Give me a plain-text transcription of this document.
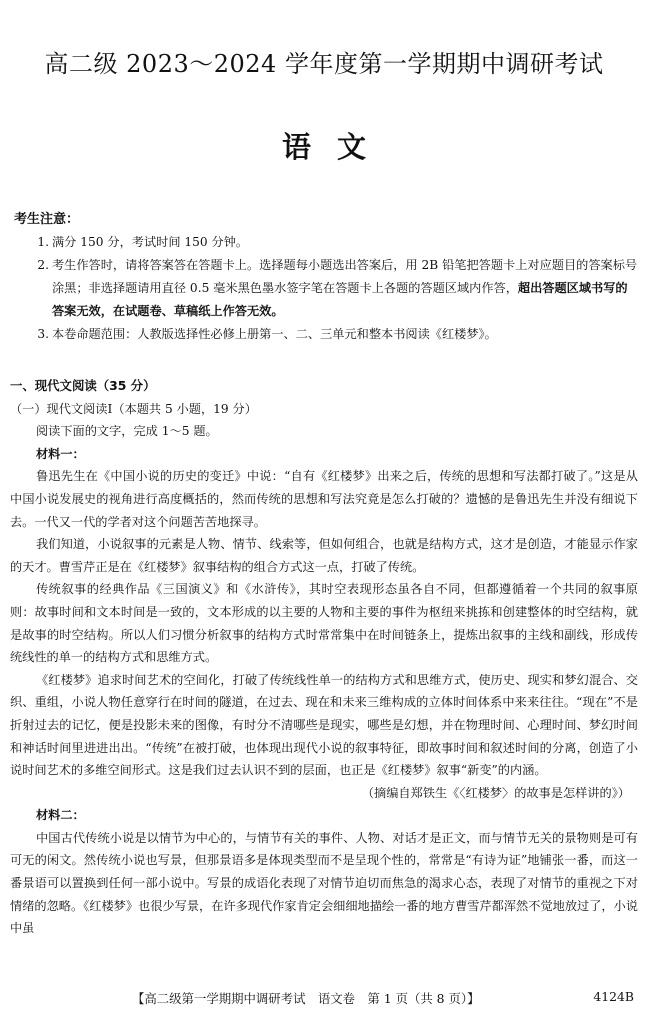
高二级 2023～2024 学年度第一学期期中调研考试
语文
考生注意：
1. 满分 150 分，考试时间 150 分钟。
2. 考生作答时，请将答案答在答题卡上。选择题每小题选出答案后，用 2B 铅笔把答题卡上对应题目的答案标号涂黑；非选择题请用直径 0.5 毫米黑色墨水签字笔在答题卡上各题的答题区域内作答，超出答题区域书写的答案无效，在试题卷、草稿纸上作答无效。
3. 本卷命题范围：人教版选择性必修上册第一、二、三单元和整本书阅读《红楼梦》。
一、现代文阅读（35 分）
（一）现代文阅读Ⅰ（本题共 5 小题，19 分）
阅读下面的文字，完成 1～5 题。
材料一：
鲁迅先生在《中国小说的历史的变迁》中说：“自有《红楼梦》出来之后，传统的思想和写法都打破了。”这是从中国小说发展史的视角进行高度概括的，然而传统的思想和写法究竟是怎么打破的？遗憾的是鲁迅先生并没有细说下去。一代又一代的学者对这个问题苦苦地探寻。
我们知道，小说叙事的元素是人物、情节、线索等，但如何组合，也就是结构方式，这才是创造，才能显示作家的天才。曹雪芹正是在《红楼梦》叙事结构的组合方式这一点，打破了传统。
传统叙事的经典作品《三国演义》和《水浒传》，其时空表现形态虽各自不同，但都遵循着一个共同的叙事原则：故事时间和文本时间是一致的，文本形成的以主要的人物和主要的事件为枢纽来挑拣和创建整体的时空结构，就是故事的时空结构。所以人们习惯分析叙事的结构方式时常常集中在时间链条上，提炼出叙事的主线和副线，形成传统线性的单一的结构方式和思维方式。
《红楼梦》追求时间艺术的空间化，打破了传统线性单一的结构方式和思维方式，使历史、现实和梦幻混合、交织、重组，小说人物任意穿行在时间的隧道，在过去、现在和未来三维构成的立体时间体系中来来往往。“现在”不是折射过去的记忆，便是投影未来的图像，有时分不清哪些是现实，哪些是幻想，并在物理时间、心理时间、梦幻时间和神话时间里进进出出。“传统”在被打破，也体现出现代小说的叙事特征，即故事时间和叙述时间的分离，创造了小说时间艺术的多维空间形式。这是我们过去认识不到的层面，也正是《红楼梦》叙事“新变”的内涵。
（摘编自郑铁生《〈红楼梦〉的故事是怎样讲的》）
材料二：
中国古代传统小说是以情节为中心的，与情节有关的事件、人物、对话才是正文，而与情节无关的景物则是可有可无的闲文。然传统小说也写景，但那景语多是体现类型而不是呈现个性的，常常是“有诗为证”地铺张一番，而这一番景语可以置换到任何一部小说中。写景的成语化表现了对情节迫切而焦急的渴求心态，表现了对情节的重视之下对情绪的忽略。《红楼梦》也很少写景，在许多现代作家肯定会细细地描绘一番的地方曹雪芹都浑然不觉地放过了，小说中虽
【高二级第一学期期中调研考试　语文卷　第 1 页（共 8 页）】	4124B
